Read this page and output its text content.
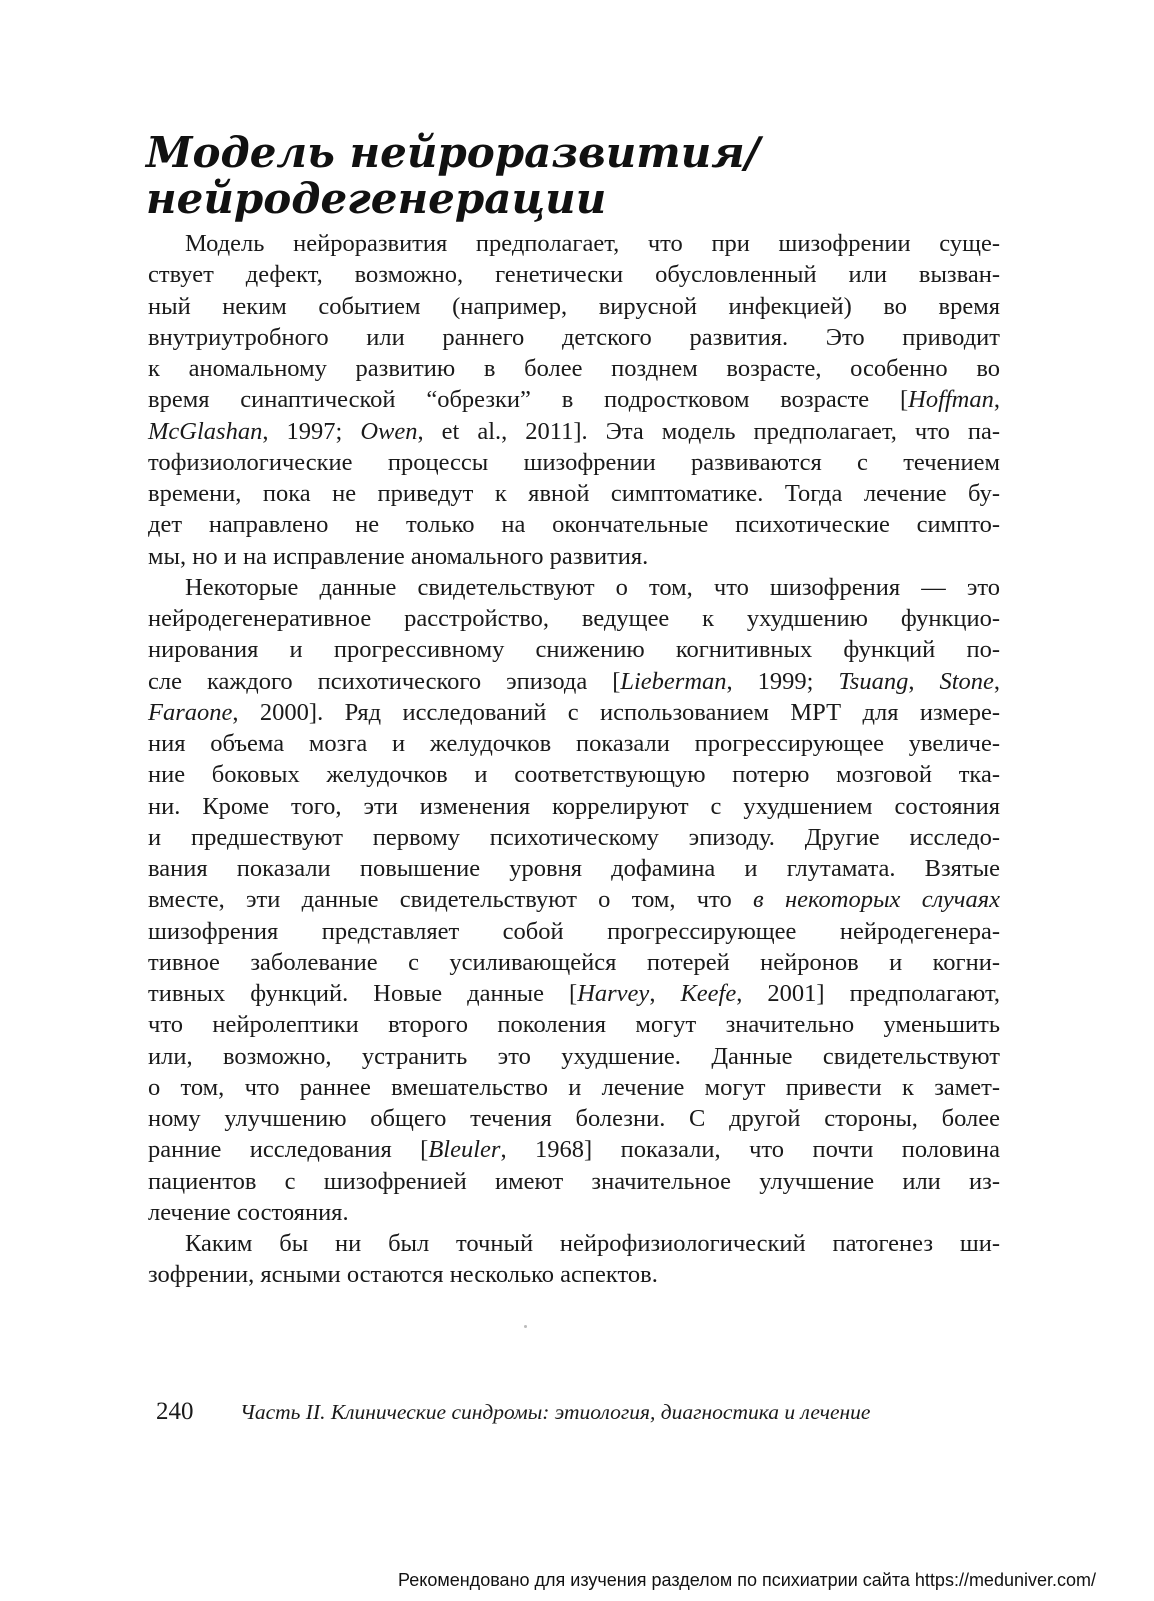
Модель нейроразвития/
нейродегенерации
Модель нейроразвития предполагает, что при шизофрении суще-
ствует дефект, возможно, генетически обусловленный или вызван-
ный неким событием (например, вирусной инфекцией) во время
внутриутробного или раннего детского развития. Это приводит
к аномальному развитию в более позднем возрасте, особенно во
время синаптической “обрезки” в подростковом возрасте [Hoffman,
McGlashan, 1997; Owen, et al., 2011]. Эта модель предполагает, что па-
тофизиологические процессы шизофрении развиваются с течением
времени, пока не приведут к явной симптоматике. Тогда лечение бу-
дет направлено не только на окончательные психотические симпто-
мы, но и на исправление аномального развития.
Некоторые данные свидетельствуют о том, что шизофрения — это
нейродегенеративное расстройство, ведущее к ухудшению функцио-
нирования и прогрессивному снижению когнитивных функций по-
сле каждого психотического эпизода [Lieberman, 1999; Tsuang, Stone,
Faraone, 2000]. Ряд исследований с использованием МРТ для измере-
ния объема мозга и желудочков показали прогрессирующее увеличе-
ние боковых желудочков и соответствующую потерю мозговой тка-
ни. Кроме того, эти изменения коррелируют с ухудшением состояния
и предшествуют первому психотическому эпизоду. Другие исследо-
вания показали повышение уровня дофамина и глутамата. Взятые
вместе, эти данные свидетельствуют о том, что в некоторых случаях
шизофрения представляет собой прогрессирующее нейродегенера-
тивное заболевание с усиливающейся потерей нейронов и когни-
тивных функций. Новые данные [Harvey, Keefe, 2001] предполагают,
что нейролептики второго поколения могут значительно уменьшить
или, возможно, устранить это ухудшение. Данные свидетельствуют
о том, что раннее вмешательство и лечение могут привести к замет-
ному улучшению общего течения болезни. С другой стороны, более
ранние исследования [Bleuler, 1968] показали, что почти половина
пациентов с шизофренией имеют значительное улучшение или из-
лечение состояния.
Каким бы ни был точный нейрофизиологический патогенез ши-
зофрении, ясными остаются несколько аспектов.
240 Часть II. Клинические синдромы: этиология, диагностика и лечение
Рекомендовано для изучения разделом по психиатрии сайта https://meduniver.com/
